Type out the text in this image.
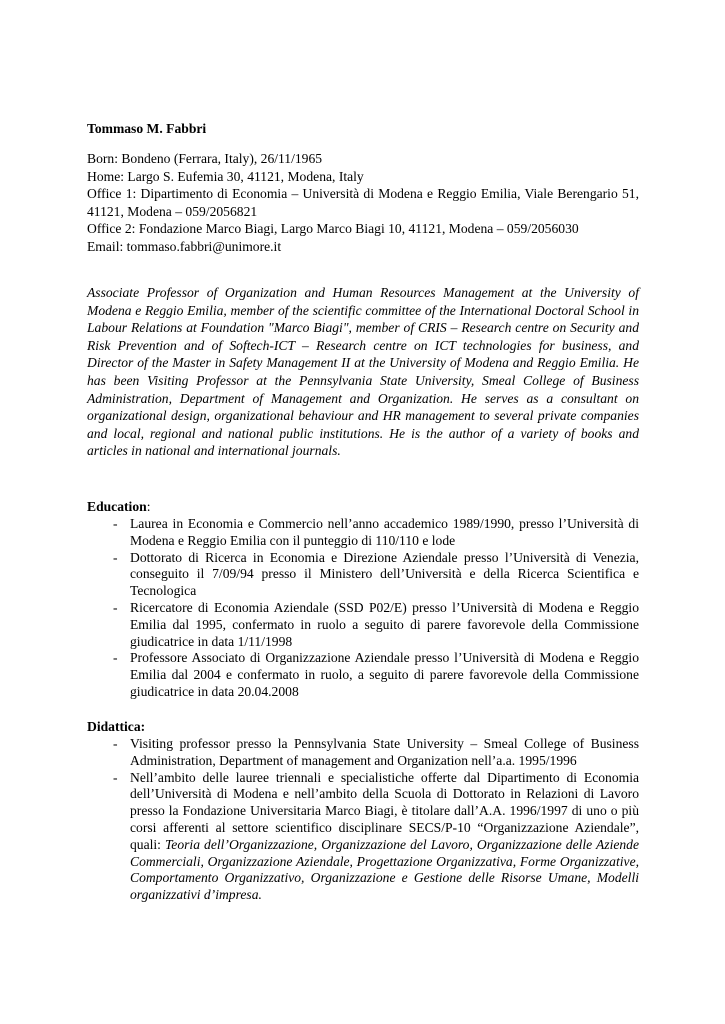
Tommaso M. Fabbri
Born: Bondeno (Ferrara, Italy), 26/11/1965
Home: Largo S. Eufemia 30, 41121, Modena, Italy
Office 1: Dipartimento di Economia – Università di Modena e Reggio Emilia, Viale Berengario 51, 41121, Modena – 059/2056821
Office 2: Fondazione Marco Biagi, Largo Marco Biagi 10, 41121, Modena – 059/2056030
Email: tommaso.fabbri@unimore.it
Associate Professor of Organization and Human Resources Management at the University of Modena e Reggio Emilia, member of the scientific committee of the International Doctoral School in Labour Relations at Foundation "Marco Biagi", member of CRIS – Research centre on Security and Risk Prevention and of Softech-ICT – Research centre on ICT technologies for business, and Director of the Master in Safety Management II at the University of Modena and Reggio Emilia. He has been Visiting Professor at the Pennsylvania State University, Smeal College of Business Administration, Department of Management and Organization. He serves as a consultant on organizational design, organizational behaviour and HR management to several private companies and local, regional and national public institutions. He is the author of a variety of books and articles in national and international journals.
Education:
- Laurea in Economia e Commercio nell’anno accademico 1989/1990, presso l’Università di Modena e Reggio Emilia con il punteggio di 110/110 e lode
- Dottorato di Ricerca in Economia e Direzione Aziendale presso l’Università di Venezia, conseguito il 7/09/94 presso il Ministero dell’Università e della Ricerca Scientifica e Tecnologica
- Ricercatore di Economia Aziendale (SSD P02/E) presso l’Università di Modena e Reggio Emilia dal 1995, confermato in ruolo a seguito di parere favorevole della Commissione giudicatrice in data 1/11/1998
- Professore Associato di Organizzazione Aziendale presso l’Università di Modena e Reggio Emilia dal 2004 e confermato in ruolo, a seguito di parere favorevole della Commissione giudicatrice in data 20.04.2008
Didattica:
- Visiting professor presso la Pennsylvania State University – Smeal College of Business Administration, Department of management and Organization nell’a.a. 1995/1996
- Nell’ambito delle lauree triennali e specialistiche offerte dal Dipartimento di Economia dell’Università di Modena e nell’ambito della Scuola di Dottorato in Relazioni di Lavoro presso la Fondazione Universitaria Marco Biagi, è titolare dall’A.A. 1996/1997 di uno o più corsi afferenti al settore scientifico disciplinare SECS/P-10 “Organizzazione Aziendale”, quali: Teoria dell’Organizzazione, Organizzazione del Lavoro, Organizzazione delle Aziende Commerciali, Organizzazione Aziendale, Progettazione Organizzativa, Forme Organizzative, Comportamento Organizzativo, Organizzazione e Gestione delle Risorse Umane, Modelli organizzativi d’impresa.
